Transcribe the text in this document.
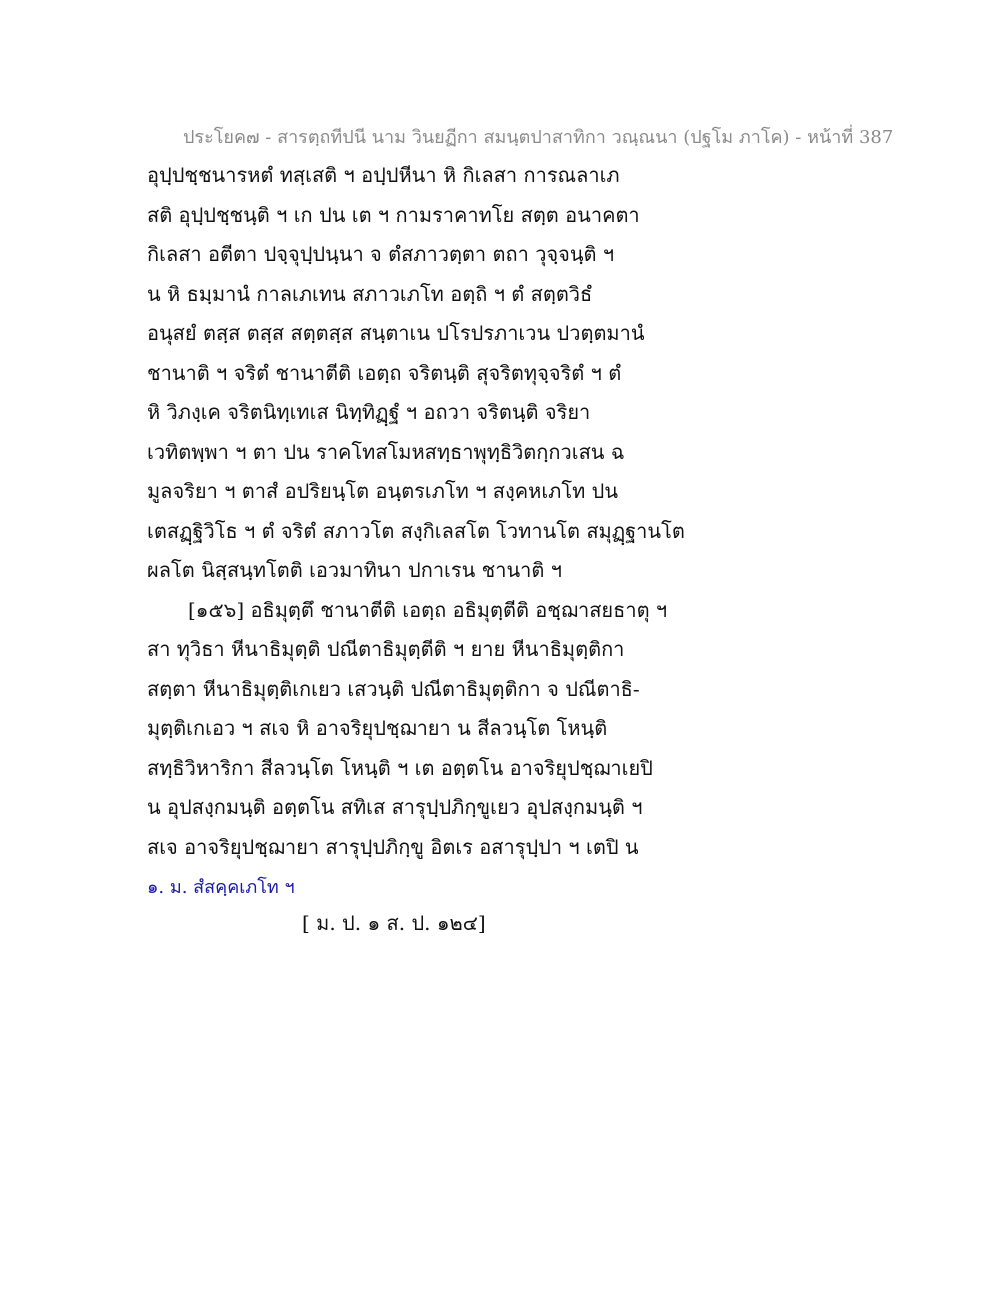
ประโยค๗ - สารตฺถทีปนี นาม วินยฏีกา สมนฺตปาสาทิกา วณฺณนา (ปฐโม ภาโค) - หน้าที่ 387
อุปฺปชฺชนารหตํ ทสฺเสติ ฯ อปฺปหีนา หิ กิเลสา การณลาเภ
สติ อุปฺปชฺชนฺติ ฯ เก ปน เต ฯ กามราคาทโย สตฺต อนาคตา
กิเลสา อตีตา ปจฺจุปฺปนฺนา จ ตํสภาวตฺตา ตถา วุจฺจนฺติ ฯ
น หิ ธมฺมานํ กาลเภเทน สภาวเภโท อตฺถิ ฯ ตํ สตฺตวิธํ
อนุสยํ ตสฺส ตสฺส สตฺตสฺส สนฺตาเน ปโรปรภาเวน ปวตฺตมานํ
ชานาติ ฯ จริตํ ชานาตีติ เอตฺถ จริตนฺติ สุจริตทุจฺจริตํ ฯ ตํ
หิ วิภงฺเค จริตนิทฺเทเส นิทฺทิฏฺฐํ ฯ อถวา จริตนฺติ จริยา
เวทิตพฺพา ฯ ตา ปน ราคโทสโมหสทฺธาพุทฺธิวิตกฺกวเสน ฉ
มูลจริยา ฯ ตาสํ อปริยนฺโต อนฺตรเภโท ฯ สงฺคหเภโท ปน
เตสฏฺฐิวิโธ ฯ ตํ จริตํ สภาวโต สงฺกิเลสโต โวทานโต สมุฏฺฐานโต
ผลโต นิสฺสนฺทโตติ เอวมาทินา ปกาเรน ชานาติ ฯ
[๑๕๖] อธิมุตฺตึ ชานาตีติ เอตฺถ อธิมุตฺตีติ อชฺฌาสยธาตุ ฯ
สา ทุวิธา หีนาธิมุตฺติ ปณีตาธิมุตฺตีติ ฯ ยาย หีนาธิมุตฺติกา
สตฺตา หีนาธิมุตฺติเกเยว เสวนฺติ ปณีตาธิมุตฺติกา จ ปณีตาธิ-
มุตฺติเกเอว ฯ สเจ หิ อาจริยุปชฺฌายา น สีลวนฺโต โหนฺติ
สทฺธิวิหาริกา สีลวนฺโต โหนฺติ ฯ เต อตฺตโน อาจริยุปชฺฌาเยปิ
น อุปสงฺกมนฺติ อตฺตโน สทิเส สารุปฺปภิกฺขูเยว อุปสงฺกมนฺติ ฯ
สเจ อาจริยุปชฺฌายา สารุปฺปภิกฺขู อิตเร อสารุปฺปา ฯ เตปิ น
๑. ม. สํสคฺคเภโท ฯ
[ ม. ป. ๑ ส. ป. ๑๒๔]
